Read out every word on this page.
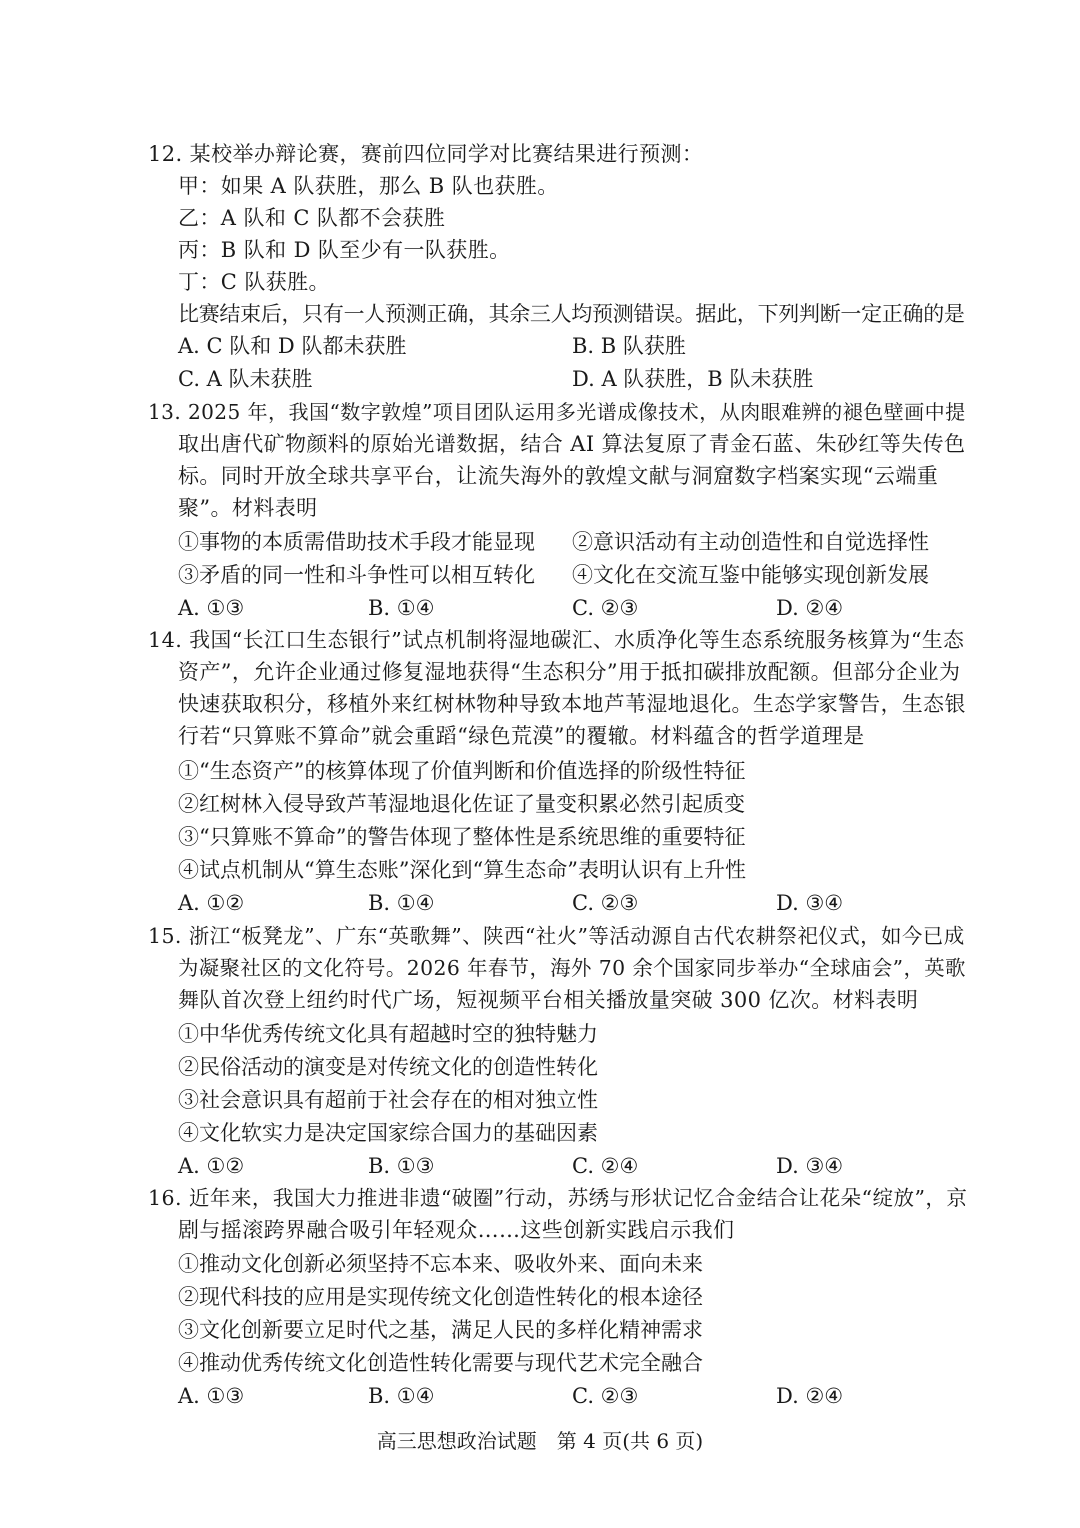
12. 某校举办辩论赛，赛前四位同学对比赛结果进行预测：
甲：如果 A 队获胜，那么 B 队也获胜。
乙：A 队和 C 队都不会获胜
丙：B 队和 D 队至少有一队获胜。
丁：C 队获胜。
比赛结束后，只有一人预测正确，其余三人均预测错误。据此，下列判断一定正确的是
A. C 队和 D 队都未获胜	B. B 队获胜
C. A 队未获胜	D. A 队获胜，B 队未获胜
13. 2025 年，我国“数字敦煌”项目团队运用多光谱成像技术，从肉眼难辨的褪色壁画中提
取出唐代矿物颜料的原始光谱数据，结合 AI 算法复原了青金石蓝、朱砂红等失传色
标。同时开放全球共享平台，让流失海外的敦煌文献与洞窟数字档案实现“云端重
聚”。材料表明
①事物的本质需借助技术手段才能显现 ②意识活动有主动创造性和自觉选择性
③矛盾的同一性和斗争性可以相互转化 ④文化在交流互鉴中能够实现创新发展
A. ①③	B. ①④	C. ②③	D. ②④
14. 我国“长江口生态银行”试点机制将湿地碳汇、水质净化等生态系统服务核算为“生态
资产”，允许企业通过修复湿地获得“生态积分”用于抵扣碳排放配额。但部分企业为
快速获取积分，移植外来红树林物种导致本地芦苇湿地退化。生态学家警告，生态银
行若“只算账不算命”就会重蹈“绿色荒漠”的覆辙。材料蕴含的哲学道理是
①“生态资产”的核算体现了价值判断和价值选择的阶级性特征
②红树林入侵导致芦苇湿地退化佐证了量变积累必然引起质变
③“只算账不算命”的警告体现了整体性是系统思维的重要特征
④试点机制从“算生态账”深化到“算生态命”表明认识有上升性
A. ①②	B. ①④	C. ②③	D. ③④
15. 浙江“板凳龙”、广东“英歌舞”、陕西“社火”等活动源自古代农耕祭祀仪式，如今已成
为凝聚社区的文化符号。2026 年春节，海外 70 余个国家同步举办“全球庙会”，英歌
舞队首次登上纽约时代广场，短视频平台相关播放量突破 300 亿次。材料表明
①中华优秀传统文化具有超越时空的独特魅力
②民俗活动的演变是对传统文化的创造性转化
③社会意识具有超前于社会存在的相对独立性
④文化软实力是决定国家综合国力的基础因素
A. ①②	B. ①③	C. ②④	D. ③④
16. 近年来，我国大力推进非遗“破圈”行动，苏绣与形状记忆合金结合让花朵“绽放”，京
剧与摇滚跨界融合吸引年轻观众……这些创新实践启示我们
①推动文化创新必须坚持不忘本来、吸收外来、面向未来
②现代科技的应用是实现传统文化创造性转化的根本途径
③文化创新要立足时代之基，满足人民的多样化精神需求
④推动优秀传统文化创造性转化需要与现代艺术完全融合
A. ①③	B. ①④	C. ②③	D. ②④
高三思想政治试题　第 4 页(共 6 页)
